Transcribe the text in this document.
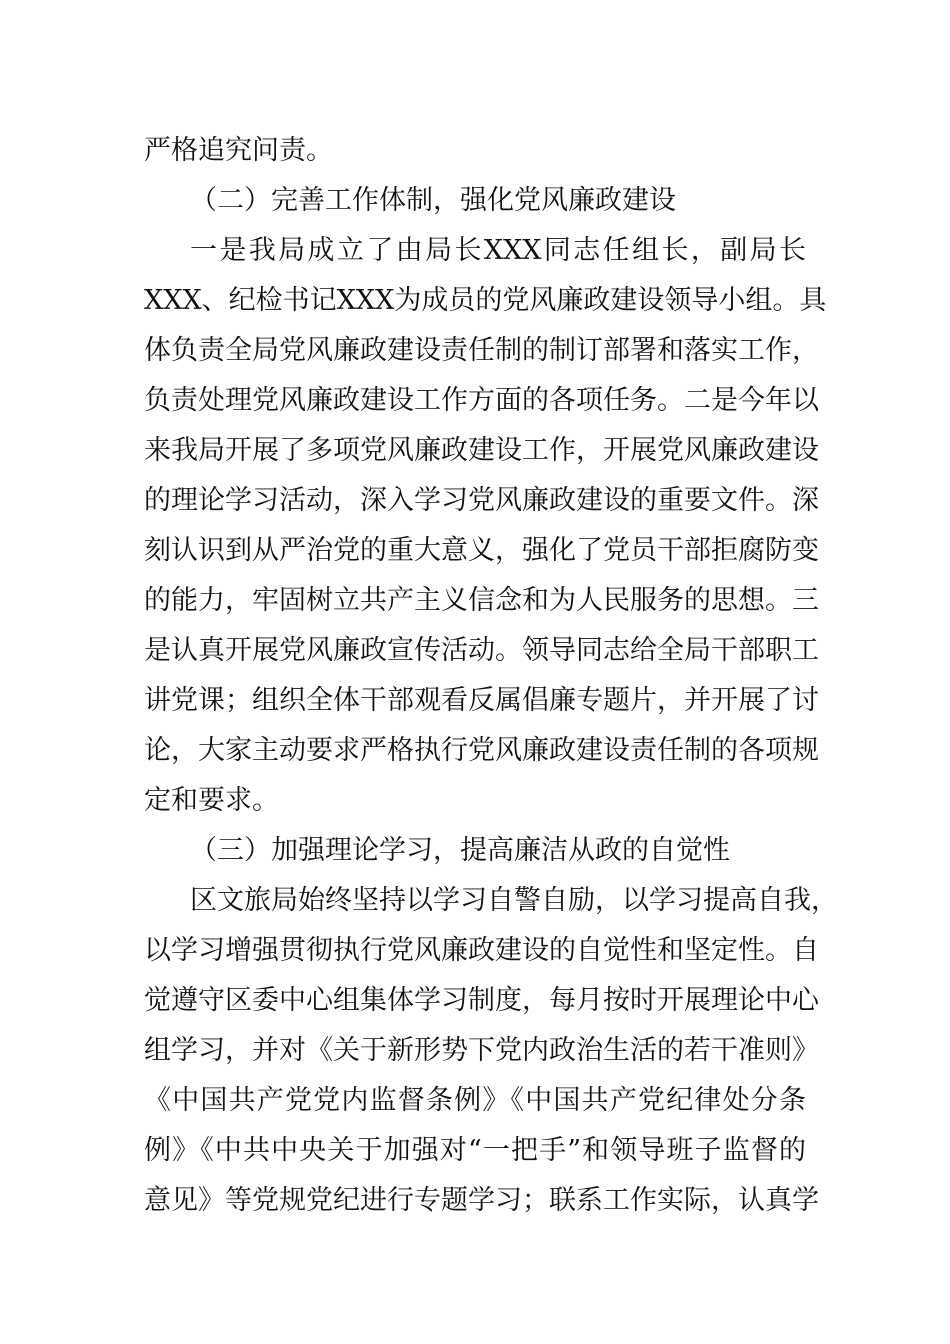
严格追究问责。
（二）完善工作体制，强化党风廉政建设
一是我局成立了由局长XXX同志任组长，副局长
XXX、纪检书记XXX为成员的党风廉政建设领导小组。具
体负责全局党风廉政建设责任制的制订部署和落实工作，
负责处理党风廉政建设工作方面的各项任务。二是今年以
来我局开展了多项党风廉政建设工作，开展党风廉政建设
的理论学习活动，深入学习党风廉政建设的重要文件。深
刻认识到从严治党的重大意义，强化了党员干部拒腐防变
的能力，牢固树立共产主义信念和为人民服务的思想。三
是认真开展党风廉政宣传活动。领导同志给全局干部职工
讲党课；组织全体干部观看反属倡廉专题片，并开展了讨
论，大家主动要求严格执行党风廉政建设责任制的各项规
定和要求。
（三）加强理论学习，提高廉洁从政的自觉性
区文旅局始终坚持以学习自警自励，以学习提高自我，
以学习增强贯彻执行党风廉政建设的自觉性和坚定性。自
觉遵守区委中心组集体学习制度，每月按时开展理论中心
组学习，并对《关于新形势下党内政治生活的若干准则》
《中国共产党党内监督条例》《中国共产党纪律处分条
例》《中共中央关于加强对“一把手”和领导班子监督的
意见》等党规党纪进行专题学习；联系工作实际，认真学
